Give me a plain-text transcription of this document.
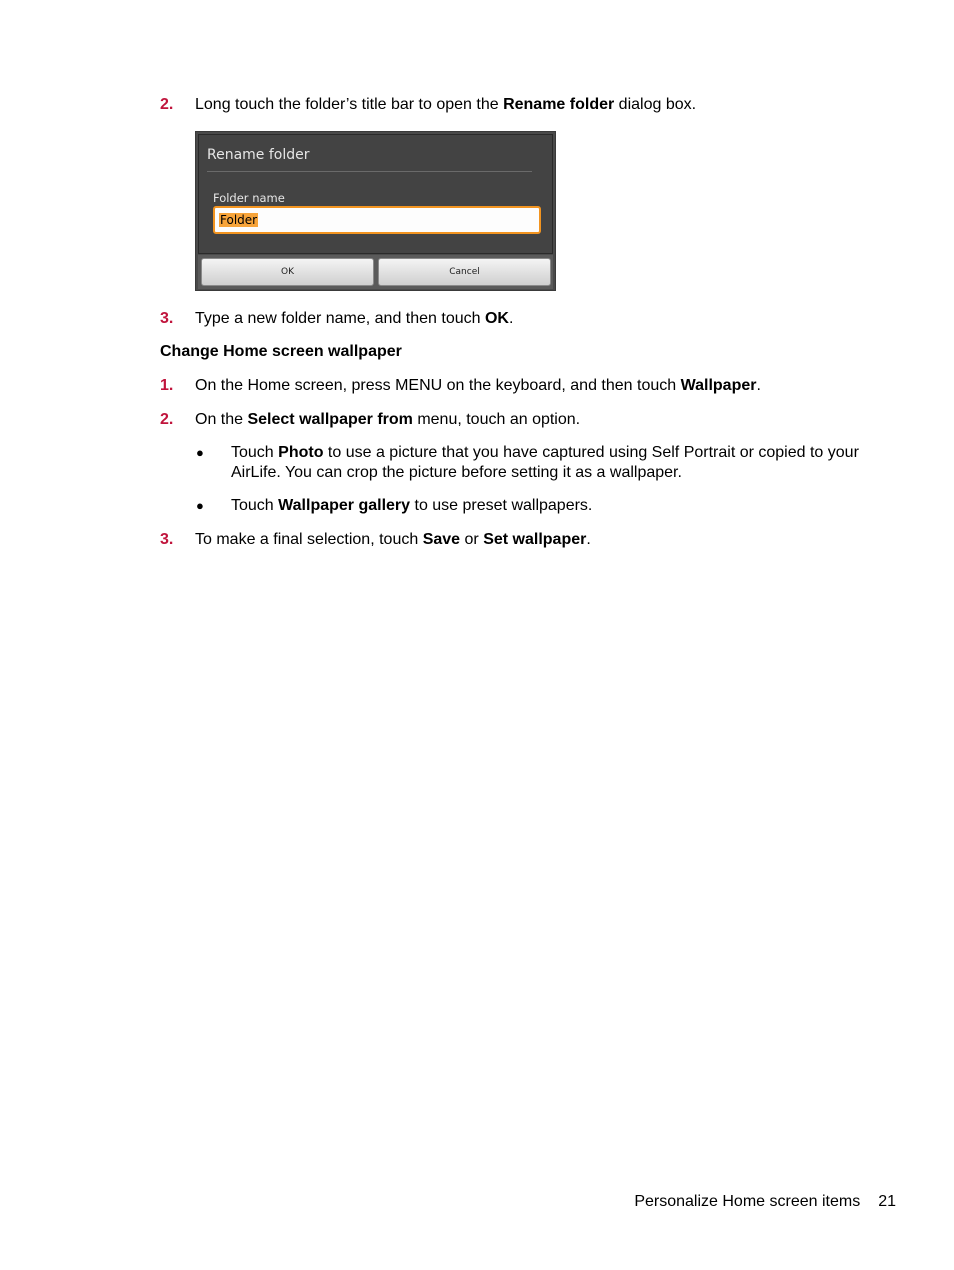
2. Long touch the folder’s title bar to open the Rename folder dialog box.
Rename folder
Folder name
Folder
OK	Cancel
3. Type a new folder name, and then touch OK.
Change Home screen wallpaper
1. On the Home screen, press MENU on the keyboard, and then touch Wallpaper.
2. On the Select wallpaper from menu, touch an option.
● Touch Photo to use a picture that you have captured using Self Portrait or copied to your AirLife. You can crop the picture before setting it as a wallpaper.
● Touch Wallpaper gallery to use preset wallpapers.
3. To make a final selection, touch Save or Set wallpaper.
Personalize Home screen items 21
